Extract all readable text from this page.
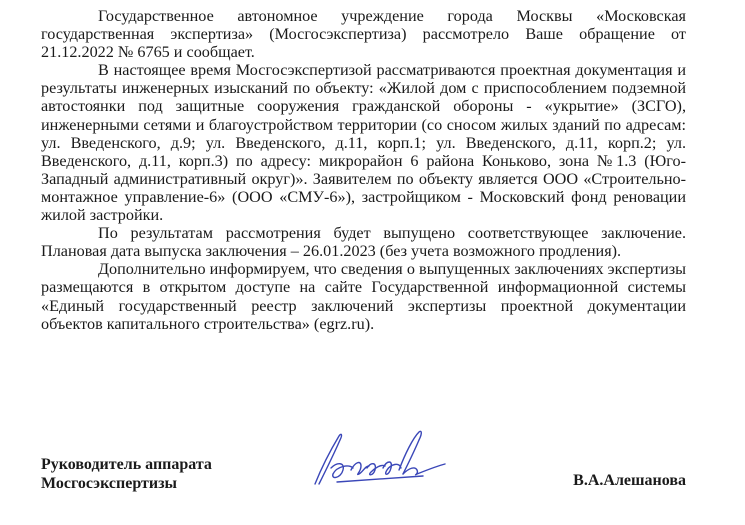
Государственное автономное учреждение города Москвы «Московская государственная экспертиза» (Мосгосэкспертиза) рассмотрело Ваше обращение от 21.12.2022 № 6765 и сообщает.

В настоящее время Мосгосэкспертизой рассматриваются проектная документация и результаты инженерных изысканий по объекту: «Жилой дом с приспособлением подземной автостоянки под защитные сооружения гражданской обороны - «укрытие» (ЗСГО), инженерными сетями и благоустройством территории (со сносом жилых зданий по адресам: ул. Введенского, д.9; ул. Введенского, д.11, корп.1; ул. Введенского, д.11, корп.2; ул. Введенского, д.11, корп.3) по адресу: микрорайон 6 района Коньково, зона №1.3 (Юго-Западный административный округ)». Заявителем по объекту является ООО «Строительно-монтажное управление-6» (ООО «СМУ-6»), застройщиком - Московский фонд реновации жилой застройки.

По результатам рассмотрения будет выпущено соответствующее заключение. Плановая дата выпуска заключения – 26.01.2023 (без учета возможного продления).

Дополнительно информируем, что сведения о выпущенных заключениях экспертизы размещаются в открытом доступе на сайте Государственной информационной системы «Единый государственный реестр заключений экспертизы проектной документации объектов капитального строительства» (egrz.ru).

Руководитель аппарата
Мосгосэкспертизы	В.А.Алешанова
